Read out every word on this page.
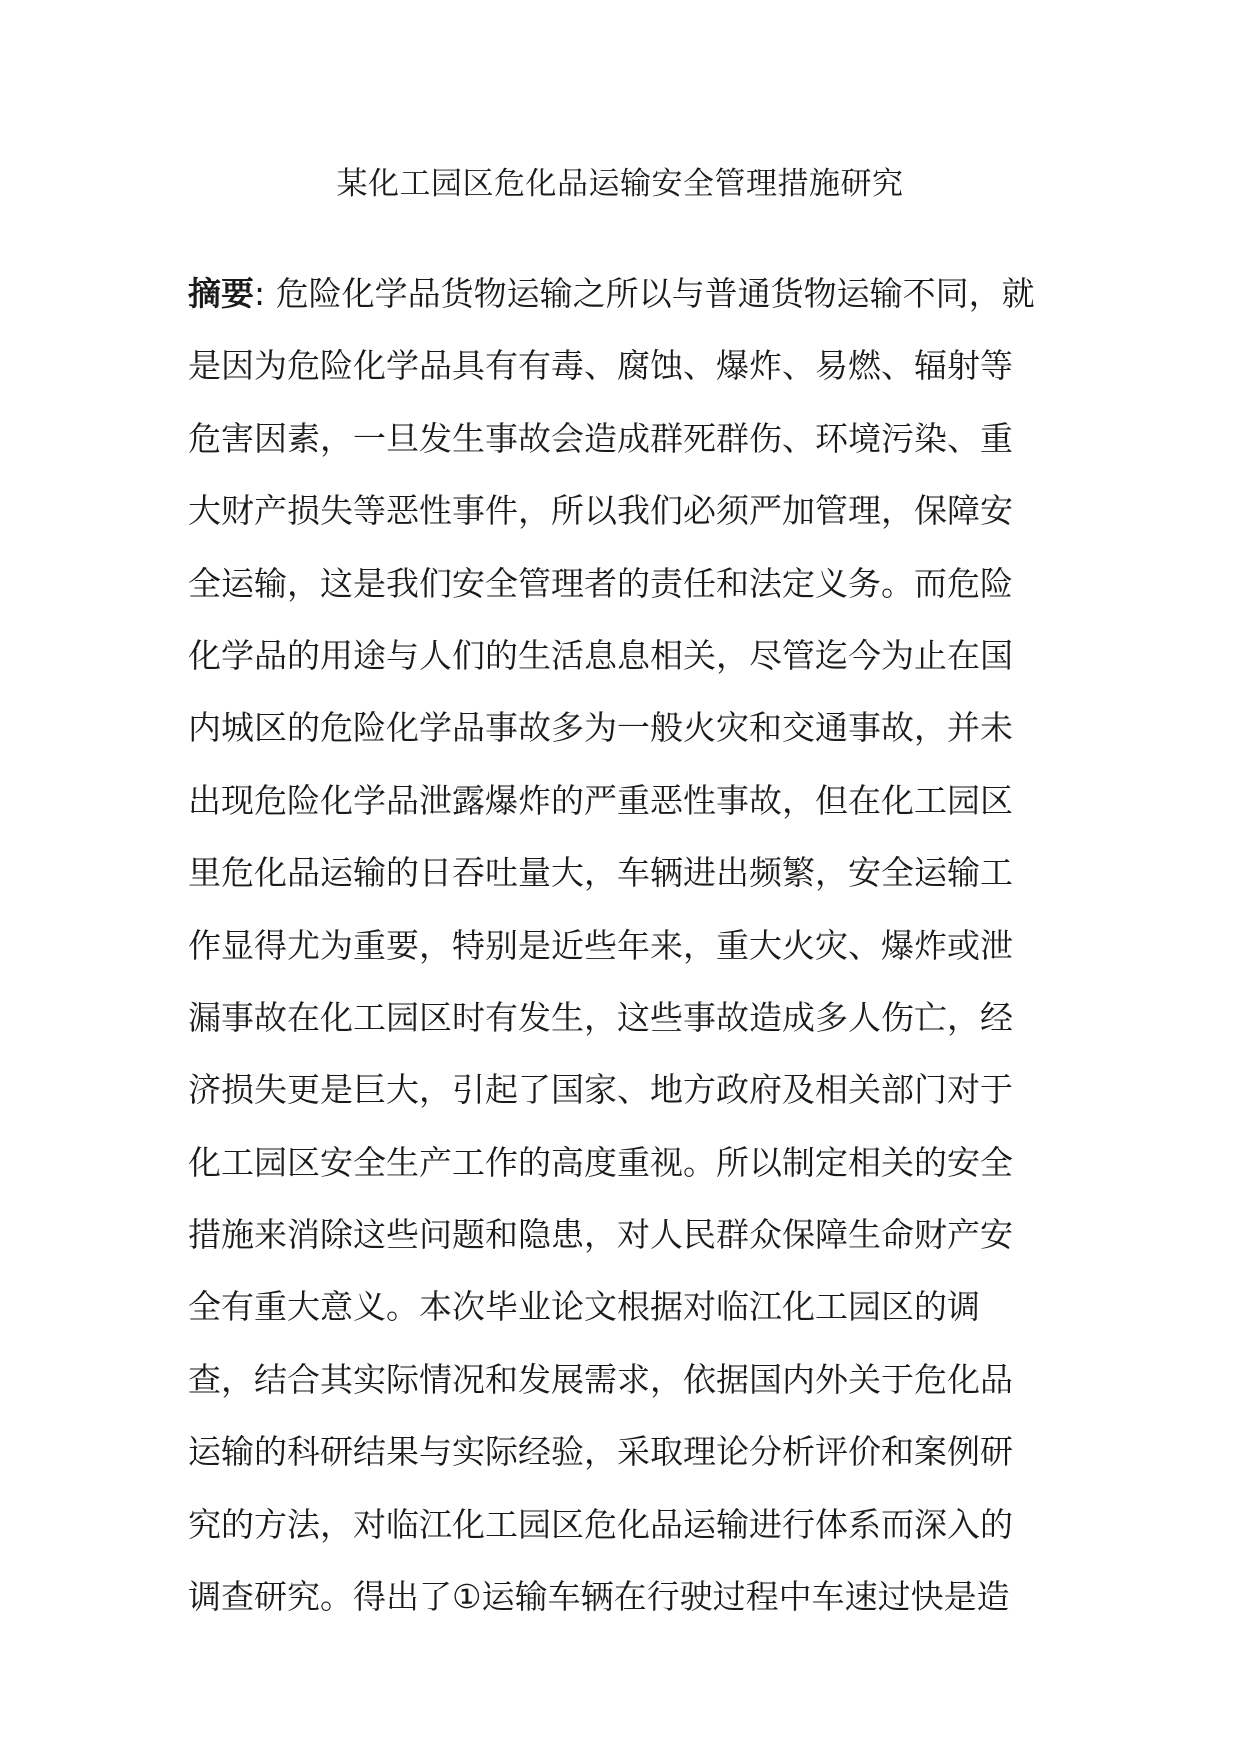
某化工园区危化品运输安全管理措施研究
摘要: 危险化学品货物运输之所以与普通货物运输不同，就
是因为危险化学品具有有毒、腐蚀、爆炸、易燃、辐射等
危害因素，一旦发生事故会造成群死群伤、环境污染、重
大财产损失等恶性事件，所以我们必须严加管理，保障安
全运输，这是我们安全管理者的责任和法定义务。而危险
化学品的用途与人们的生活息息相关，尽管迄今为止在国
内城区的危险化学品事故多为一般火灾和交通事故，并未
出现危险化学品泄露爆炸的严重恶性事故，但在化工园区
里危化品运输的日吞吐量大，车辆进出频繁，安全运输工
作显得尤为重要，特别是近些年来，重大火灾、爆炸或泄
漏事故在化工园区时有发生，这些事故造成多人伤亡，经
济损失更是巨大，引起了国家、地方政府及相关部门对于
化工园区安全生产工作的高度重视。所以制定相关的安全
措施来消除这些问题和隐患，对人民群众保障生命财产安
全有重大意义。本次毕业论文根据对临江化工园区的调
查，结合其实际情况和发展需求，依据国内外关于危化品
运输的科研结果与实际经验，采取理论分析评价和案例研
究的方法，对临江化工园区危化品运输进行体系而深入的
调查研究。得出了①运输车辆在行驶过程中车速过快是造
